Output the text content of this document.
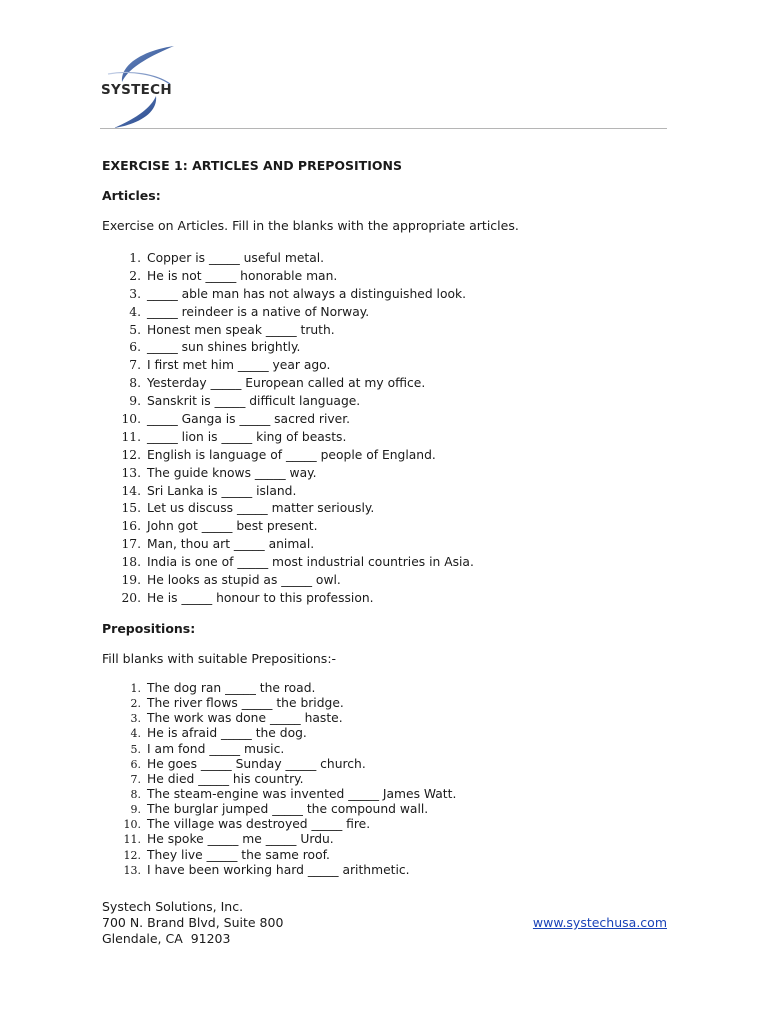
SYSTECH
EXERCISE 1: ARTICLES AND PREPOSITIONS
Articles:

Exercise on Articles. Fill in the blanks with the appropriate articles.

1. Copper is _____ useful metal.
2. He is not _____ honorable man.
3. _____ able man has not always a distinguished look.
4. _____ reindeer is a native of Norway.
5. Honest men speak _____ truth.
6. _____ sun shines brightly.
7. I first met him _____ year ago.
8. Yesterday _____ European called at my office.
9. Sanskrit is _____ difficult language.
10. _____ Ganga is _____ sacred river.
11. _____ lion is _____ king of beasts.
12. English is language of _____ people of England.
13. The guide knows _____ way.
14. Sri Lanka is _____ island.
15. Let us discuss _____ matter seriously.
16. John got _____ best present.
17. Man, thou art _____ animal.
18. India is one of _____ most industrial countries in Asia.
19. He looks as stupid as _____ owl.
20. He is _____ honour to this profession.
Prepositions:

Fill blanks with suitable Prepositions:-

1. The dog ran _____ the road.
2. The river flows _____ the bridge.
3. The work was done _____ haste.
4. He is afraid _____ the dog.
5. I am fond _____ music.
6. He goes _____ Sunday _____ church.
7. He died _____ his country.
8. The steam-engine was invented _____ James Watt.
9. The burglar jumped _____ the compound wall.
10. The village was destroyed _____ fire.
11. He spoke _____ me _____ Urdu.
12. They live _____ the same roof.
13. I have been working hard _____ arithmetic.
Systech Solutions, Inc.
700 N. Brand Blvd, Suite 800
Glendale, CA  91203
www.systechusa.com
